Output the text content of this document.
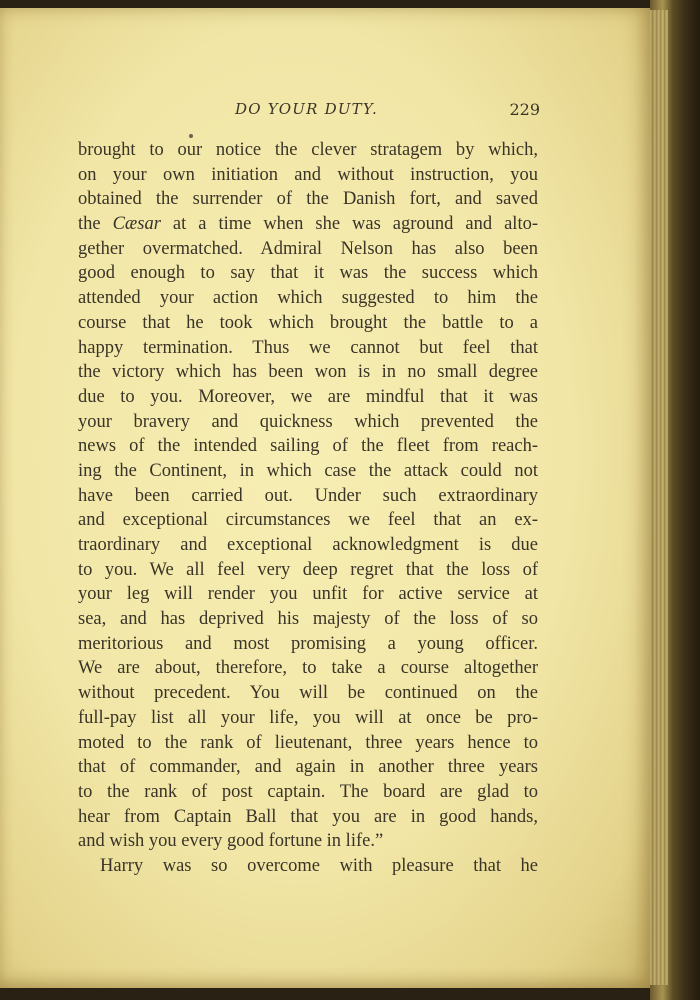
DO YOUR DUTY.	229
brought to our notice the clever stratagem by which,
on your own initiation and without instruction, you
obtained the surrender of the Danish fort, and saved
the Cæsar at a time when she was aground and alto-
gether overmatched. Admiral Nelson has also been
good enough to say that it was the success which
attended your action which suggested to him the
course that he took which brought the battle to a
happy termination. Thus we cannot but feel that
the victory which has been won is in no small degree
due to you. Moreover, we are mindful that it was
your bravery and quickness which prevented the
news of the intended sailing of the fleet from reach-
ing the Continent, in which case the attack could not
have been carried out. Under such extraordinary
and exceptional circumstances we feel that an ex-
traordinary and exceptional acknowledgment is due
to you. We all feel very deep regret that the loss of
your leg will render you unfit for active service at
sea, and has deprived his majesty of the loss of so
meritorious and most promising a young officer.
We are about, therefore, to take a course altogether
without precedent. You will be continued on the
full-pay list all your life, you will at once be pro-
moted to the rank of lieutenant, three years hence to
that of commander, and again in another three years
to the rank of post captain. The board are glad to
hear from Captain Ball that you are in good hands,
and wish you every good fortune in life.”
Harry was so overcome with pleasure that he
